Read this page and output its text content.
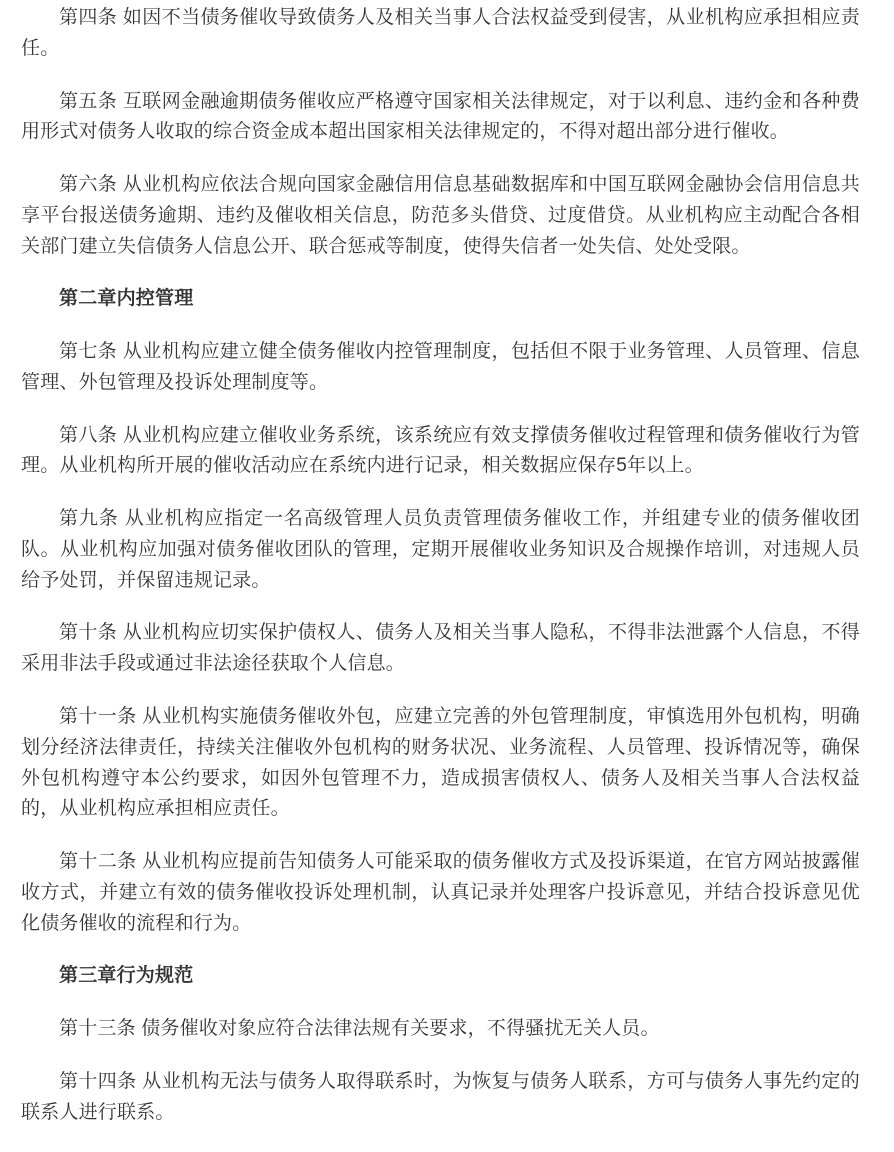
第四条 如因不当债务催收导致债务人及相关当事人合法权益受到侵害，从业机构应承担相应责任。

第五条 互联网金融逾期债务催收应严格遵守国家相关法律规定，对于以利息、违约金和各种费用形式对债务人收取的综合资金成本超出国家相关法律规定的，不得对超出部分进行催收。

第六条 从业机构应依法合规向国家金融信用信息基础数据库和中国互联网金融协会信用信息共享平台报送债务逾期、违约及催收相关信息，防范多头借贷、过度借贷。从业机构应主动配合各相关部门建立失信债务人信息公开、联合惩戒等制度，使得失信者一处失信、处处受限。

第二章内控管理

第七条 从业机构应建立健全债务催收内控管理制度，包括但不限于业务管理、人员管理、信息管理、外包管理及投诉处理制度等。

第八条 从业机构应建立催收业务系统，该系统应有效支撑债务催收过程管理和债务催收行为管理。从业机构所开展的催收活动应在系统内进行记录，相关数据应保存5年以上。

第九条 从业机构应指定一名高级管理人员负责管理债务催收工作，并组建专业的债务催收团队。从业机构应加强对债务催收团队的管理，定期开展催收业务知识及合规操作培训，对违规人员给予处罚，并保留违规记录。

第十条 从业机构应切实保护债权人、债务人及相关当事人隐私，不得非法泄露个人信息，不得采用非法手段或通过非法途径获取个人信息。

第十一条 从业机构实施债务催收外包，应建立完善的外包管理制度，审慎选用外包机构，明确划分经济法律责任，持续关注催收外包机构的财务状况、业务流程、人员管理、投诉情况等，确保外包机构遵守本公约要求，如因外包管理不力，造成损害债权人、债务人及相关当事人合法权益的，从业机构应承担相应责任。

第十二条 从业机构应提前告知债务人可能采取的债务催收方式及投诉渠道，在官方网站披露催收方式，并建立有效的债务催收投诉处理机制，认真记录并处理客户投诉意见，并结合投诉意见优化债务催收的流程和行为。

第三章行为规范

第十三条 债务催收对象应符合法律法规有关要求，不得骚扰无关人员。

第十四条 从业机构无法与债务人取得联系时，为恢复与债务人联系，方可与债务人事先约定的联系人进行联系。
